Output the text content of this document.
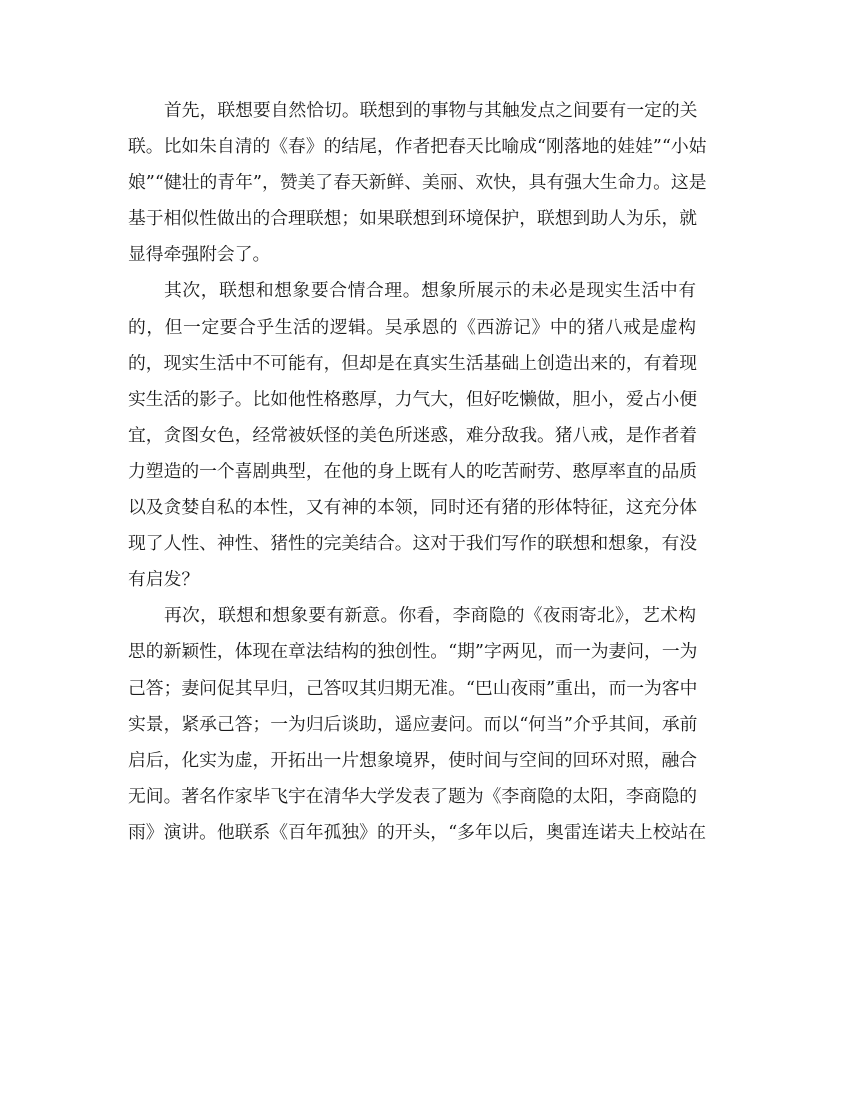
首先，联想要自然恰切。联想到的事物与其触发点之间要有一定的关
联。比如朱自清的《春》的结尾，作者把春天比喻成“刚落地的娃娃”“小姑
娘”“健壮的青年”，赞美了春天新鲜、美丽、欢快，具有强大生命力。这是
基于相似性做出的合理联想；如果联想到环境保护，联想到助人为乐，就
显得牵强附会了。
其次，联想和想象要合情合理。想象所展示的未必是现实生活中有
的，但一定要合乎生活的逻辑。吴承恩的《西游记》中的猪八戒是虚构
的，现实生活中不可能有，但却是在真实生活基础上创造出来的，有着现
实生活的影子。比如他性格憨厚，力气大，但好吃懒做，胆小，爱占小便
宜，贪图女色，经常被妖怪的美色所迷惑，难分敌我。猪八戒，是作者着
力塑造的一个喜剧典型，在他的身上既有人的吃苦耐劳、憨厚率直的品质
以及贪婪自私的本性，又有神的本领，同时还有猪的形体特征，这充分体
现了人性、神性、猪性的完美结合。这对于我们写作的联想和想象，有没
有启发？
再次，联想和想象要有新意。你看，李商隐的《夜雨寄北》，艺术构
思的新颖性，体现在章法结构的独创性。“期”字两见，而一为妻问，一为
己答；妻问促其早归，己答叹其归期无准。“巴山夜雨”重出，而一为客中
实景，紧承己答；一为归后谈助，遥应妻问。而以“何当”介乎其间，承前
启后，化实为虚，开拓出一片想象境界，使时间与空间的回环对照，融合
无间。著名作家毕飞宇在清华大学发表了题为《李商隐的太阳，李商隐的
雨》演讲。他联系《百年孤独》的开头，“多年以后，奥雷连诺夫上校站在
